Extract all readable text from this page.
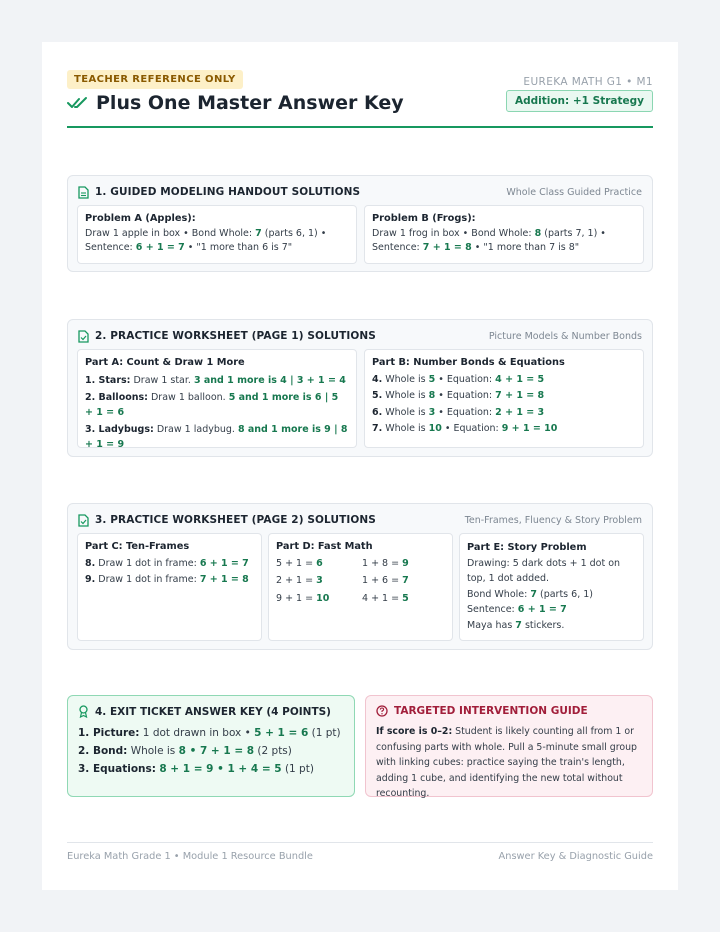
TEACHER REFERENCE ONLY
Plus One Master Answer Key
EUREKA MATH G1 • M1
Addition: +1 Strategy
1. GUIDED MODELING HANDOUT SOLUTIONS	Whole Class Guided Practice
Problem A (Apples):
Draw 1 apple in box • Bond Whole: 7 (parts 6, 1) • Sentence: 6 + 1 = 7 • "1 more than 6 is 7"
Problem B (Frogs):
Draw 1 frog in box • Bond Whole: 8 (parts 7, 1) • Sentence: 7 + 1 = 8 • "1 more than 7 is 8"
2. PRACTICE WORKSHEET (PAGE 1) SOLUTIONS	Picture Models & Number Bonds
Part A: Count & Draw 1 More
1. Stars: Draw 1 star. 3 and 1 more is 4 | 3 + 1 = 4
2. Balloons: Draw 1 balloon. 5 and 1 more is 6 | 5 + 1 = 6
3. Ladybugs: Draw 1 ladybug. 8 and 1 more is 9 | 8 + 1 = 9
Part B: Number Bonds & Equations
4. Whole is 5 • Equation: 4 + 1 = 5
5. Whole is 8 • Equation: 7 + 1 = 8
6. Whole is 3 • Equation: 2 + 1 = 3
7. Whole is 10 • Equation: 9 + 1 = 10
3. PRACTICE WORKSHEET (PAGE 2) SOLUTIONS	Ten-Frames, Fluency & Story Problem
Part C: Ten-Frames
8. Draw 1 dot in frame: 6 + 1 = 7
9. Draw 1 dot in frame: 7 + 1 = 8
Part D: Fast Math
5 + 1 = 6	1 + 8 = 9
2 + 1 = 3	1 + 6 = 7
9 + 1 = 10	4 + 1 = 5
Part E: Story Problem
Drawing: 5 dark dots + 1 dot on top, 1 dot added.
Bond Whole: 7 (parts 6, 1)
Sentence: 6 + 1 = 7
Maya has 7 stickers.
4. EXIT TICKET ANSWER KEY (4 POINTS)
1. Picture: 1 dot drawn in box • 5 + 1 = 6 (1 pt)
2. Bond: Whole is 8 • 7 + 1 = 8 (2 pts)
3. Equations: 8 + 1 = 9 • 1 + 4 = 5 (1 pt)
TARGETED INTERVENTION GUIDE
If score is 0–2: Student is likely counting all from 1 or confusing parts with whole. Pull a 5-minute small group with linking cubes: practice saying the train's length, adding 1 cube, and identifying the new total without recounting.
Eureka Math Grade 1 • Module 1 Resource Bundle	Answer Key & Diagnostic Guide
